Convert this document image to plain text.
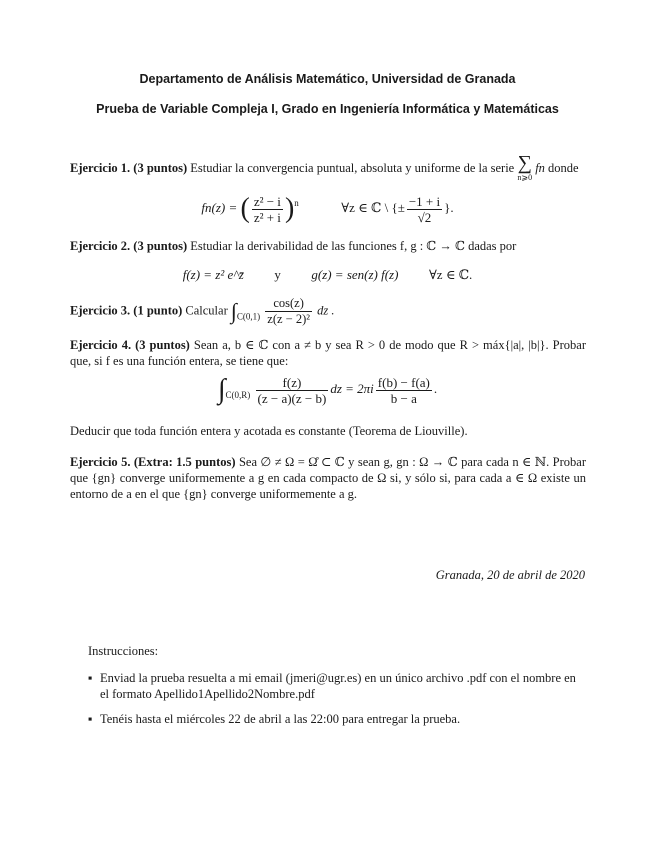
Departamento de Análisis Matemático, Universidad de Granada
Prueba de Variable Compleja I, Grado en Ingeniería Informática y Matemáticas
Ejercicio 1. (3 puntos) Estudiar la convergencia puntual, absoluta y uniforme de la serie ∑
n⩾0
fn donde
fn(z) = ( $\frac{\text{z² − i}}{\text{z² + i}} )^n$	∀z ∈ ℂ \ {± $\frac{-1 + i}{√2}$ }.
Ejercicio 2. (3 puntos) Estudiar la derivabilidad de las funciones f, g : ℂ → ℂ dadas por
f(z) = z² e^z̄ y g(z) = sen(z) f(z) ∀z ∈ ℂ.
Ejercicio 3. (1 punto) Calcular $\int_{C(0,1)} \frac{\cos(z)}{\text{z(z − 2)²}}$ dz .
Ejercicio 4. (3 puntos) Sean a, b ∈ ℂ con a ≠ b y sea R > 0 de modo que R > máx{|a|, |b|}. Probar que, si f es una función entera, se tiene que:
$\int_{C(0,R)} \frac{f(z)}{(z - a)(z - b)}$ dz = $2\pi i \frac{f(b) - f(a)}{b - a}$ .
Deducir que toda función entera y acotada es constante (Teorema de Liouville).
Ejercicio 5. (Extra: 1.5 puntos) Sea ∅ ≠ Ω = Ω̊ ⊂ ℂ y sean g, gn : Ω → ℂ para cada n ∈ ℕ. Probar que {gn} converge uniformemente a g en cada compacto de Ω si, y sólo si, para cada a ∈ Ω existe un entorno de a en el que {gn} converge uniformemente a g.
Granada, 20 de abril de 2020
Instrucciones:
▪ Enviad la prueba resuelta a mi email (jmeri@ugr.es) en un único archivo .pdf con el nombre en el formato Apellido1Apellido2Nombre.pdf
▪ Tenéis hasta el miércoles 22 de abril a las 22:00 para entregar la prueba.
